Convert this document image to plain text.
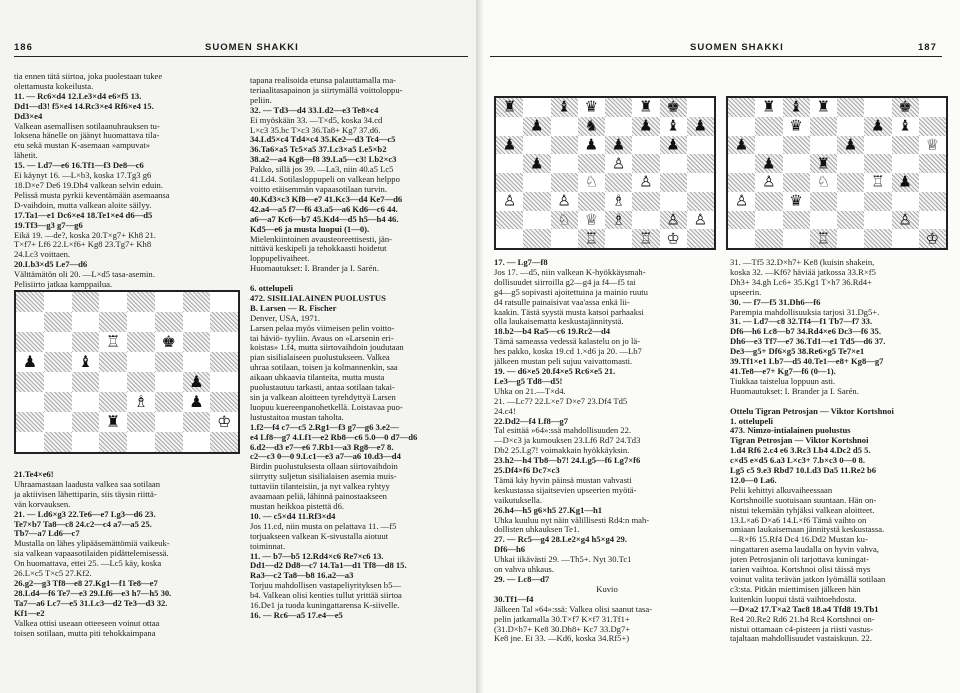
186	SUOMEN SHAKKI

tia ennen tätä siirtoa, joka puolestaan tukee

olettamusta kokeilusta.

11. — Rc6×d4 12.Le3×d4 e6×f5 13.

Dd1—d3! f5×e4 14.Rc3×e4 Rf6×e4 15.

Dd3×e4

Valkean asemallisen sotilaanuhrauksen tu-

loksena hänelle on jäänyt huomattava tila-

etu sekä mustan K-asemaan »ampuvat»

lähetit.

15. — Ld7—e6 16.Tf1—f3 De8—c6

Ei käynyt 16. —L×b3, koska 17.Tg3 g6

18.D×e7 De6 19.Dh4 valkean selvin eduin.

Pelissä musta pyrkii keventämään asemaansa

D-vaihdoin, mutta valkean aloite säilyy.

17.Ta1—e1 Dc6×e4 18.Te1×e4 d6—d5

19.Tf3—g3 g7—g6

Eikä 19. —de?, koska 20.T×g7+ Kh8 21.

T×f7+ Lf6 22.L×f6+ Kg8 23.Tg7+ Kh8

24.Lc3 voittaen.

20.Lb3×d5 Le7—d6

Välttämätön oli 20. —L×d5 tasa-asemin.

Pelisiirto jatkaa kamppailua.

♖	♚
♟	♝
♟
♗	♟
♜	♔

21.Te4×e6!

Uhraamastaan laadusta valkea saa sotilaan

ja aktiivisen lähettiparin, siis täysin riittä-

vän korvauksen.

21. — Ld6×g3 22.Te6—e7 Lg3—d6 23.

Te7×b7 Ta8—c8 24.c2—c4 a7—a5 25.

Tb7—a7 Ld6—c7

Mustalla on lähes ylipääsemättömiä vaikeuk-

sia valkean vapaasotilaiden pidättelemisessä.

On huomattava, ettei 25. —Lc5 käy, koska

26.L×c5 T×c5 27.Kf2.

26.g2—g3 Tf8—e8 27.Kg1—f1 Te8—e7

28.Ld4—f6 Te7—e3 29.Lf6—e3 h7—h5 30.

Ta7—a6 Lc7—e5 31.Lc3—d2 Te3—d3 32.

Kf1—e2

Valkea ottisi useaan otteeseen voinut ottaa

toisen sotilaan, mutta piti tehokkaimpana

tapana realisoida etunsa palauttamalla ma-

teriaalitasapainon ja siirtymällä voittoloppu-

peliin.

32. — Td3—d4 33.Ld2—e3 Te8×c4

Ei myöskään 33. —T×d5, koska 34.cd

L×c3 35.bc T×c3 36.Ta8+ Kg7 37.d6.

34.Ld5×c4 Td4×c4 35.Ke2—d3 Tc4—c5

36.Ta6×a5 Tc5×a5 37.Lc3×a5 Le5×b2

38.a2—a4 Kg8—f8 39.La5—c3! Lb2×c3

Pakko, sillä jos 39. —La3, niin 40.a5 Lc5

41.Ld4. Sotilasloppupeli on valkean helppo

voitto etäisemmän vapaasotilaan turvin.

40.Kd3×c3 Kf8—e7 41.Kc3—d4 Ke7—d6

42.a4—a5 f7—f6 43.a5—a6 Kd6—c6 44.

a6—a7 Kc6—b7 45.Kd4—d5 h5—h4 46.

Kd5—e6 ja musta luopui (1—0).

Mielenkiintoinen avausteoreettisesti, jän-

nittävä keskipeli ja tehokkaasti hoidetut

loppupelivaiheet.

Huomautukset: I. Brander ja I. Sarén.

6. ottelupeli

472. SISILIALAINEN PUOLUSTUS

B. Larsen — R. Fischer

Denver, USA, 1971.

Larsen pelaa myös viimeisen pelin voitto-

tai häviö- tyyliin. Avaus on »Larsenin eri-

koistas» 1.f4, mutta siirtovaihdoin joudutaan

pian sisilialaiseen puolustukseen. Valkea

uhraa sotilaan, toisen ja kolmannenkin, saa

aikaan uhkaavia tilanteita, mutta musta

puolustautuu tarkasti, antaa sotilaan takai-

sin ja valkean aloitteen tyrehdyttyä Larsen

luopuu kuereenpanohetkellä. Loistavaa puo-

lustustaitoa mustan taholta.

1.f2—f4 c7—c5 2.Rg1—f3 g7—g6 3.e2—

e4 Lf8—g7 4.Lf1—e2 Rb8—c6 5.0—0 d7—d6

6.d2—d3 e7—e6 7.Rb1—a3 Rg8—e7 8.

c2—c3 0—0 9.Lc1—e3 a7—a6 10.d3—d4

Birdin puolustuksesta ollaan siirtovaihdoin

siirrytty suljetun sisilialaisen asemia muis-

tuttaviin tilanteisiin, ja nyt valkea ryhtyy

avaamaan peliä, lähinnä painostaakseen

mustan heikkoa pistettä d6.

10. — c5×d4 11.Rf3×d4

Jos 11.cd, niin musta on pelattava 11. —f5

torjuakseen valkean K-sivustalla aiotuut

toiminnat.

11. — b7—b5 12.Rd4×c6 Re7×c6 13.

Dd1—d2 Dd8—c7 14.Ta1—d1 Tf8—d8 15.

Ra3—c2 Ta8—b8 16.a2—a3

Torjuu mahdollisen vastapeliyrityksen b5—

b4. Valkean olisi kenties tullut yrittää siirtoa

16.De1 ja tuoda kuningattarensa K-siivelle.

16. — Rc6—a5 17.e4—e5

SUOMEN SHAKKI	187
♜	♝ ♛	♜ ♚
♟	♞	♟ ♝ ♟
♟	♟ ♟	♟
♟	♙
♘	♙
♙	♙	♗
♘ ♕ ♗	♙ ♙
♖	♖ ♔
♜ ♝ ♜	♚
♛	♟ ♝
♟	♟	♕
♟	♜
♙	♘	♖ ♟
♙	♛
♙
♖	♔

17. — Lg7—f8

Jos 17. —d5, niin valkean K-hyökkäysmah-

dollisuudet siirroilla g2—g4 ja f4—f5 tai

g4—g5 sopivasti ajoitettuina ja mainio ruutu

d4 ratsulle painaisivat vaa'assa enkä lii-

kaakin. Tästä syystä musta katsoi parhaaksi

olla laukaisematta keskustajännitystä.

18.b2—b4 Ra5—c6 19.Rc2—d4

Tämä sameassa vedessä kalastelu on jo lä-

hes pakko, koska 19.cd 1.×d6 ja 20. —Lb7

jälkeen mustan peli sujuu vaivattomasti.

19. — d6×e5 20.f4×e5 Rc6×e5 21.

Le3—g5 Td8—d5!

Uhka on 21.—T×d4.

21. —Lc7? 22.L×e7 D×e7 23.Df4 Td5

24.c4!

22.Dd2—f4 Lf8—g7

Tal esittää »64»:ssä mahdollisuuden 22.

—D×c3 ja kumouksen 23.Lf6 Rd7 24.Td3

Db2 25.Lg7! voimakkain hyökkäyksin.

23.h2—h4 Tb8—b7! 24.Lg5—f6 Lg7×f6

25.Df4×f6 Dc7×c3

Tämä käy hyvin päinsä mustan vahvasti

keskustassa sijaitsevien upseerien myötä-

vaikutuksella.

26.h4—h5 g6×h5 27.Kg1—h1

Uhka kuuluu nyt näin välillisesti Rd4:n mah-

dollisten uhkauksen Te1.

27. — Rc5—g4 28.Le2×g4 h5×g4 29.

Df6—h6

Uhkai iikävästi 29. —Th5+. Nyt 30.Tc1

on vahva uhkaus.

29. — Lc8—d7

Kuvio

30.Tf1—f4

Jälkeen Tal »64»:ssä: Valkea olisi saanut tasa-

pelin jatkamalla 30.T×f7 K×f7 31.Tf1+

(31.D×h7+ Ke8 30.Dh8+ Kc7 33.Dg7+

Ke8 jne. Ei 33. —Kd6, koska 34.Rf5+)

31. —Tf5 32.D×h7+ Ke8 (kuisin shakein,

koska 32. —Kf6? häviää jatkossa 33.R×f5

Dh3+ 34.gh Lc6+ 35.Kg1 T×h7 36.Rd4+

upseerin.

30. — f7—f5 31.Dh6—f6

Parempia mahdollisuuksia tarjosi 31.Dg5+.

31. — Ld7—c8 32.Tf4—f1 Tb7—f7 33.

Df6—h6 Lc8—b7 34.Rd4×e6 Dc3—f6 35.

Dh6—e3 Tf7—e7 36.Td1—e1 Td5—d6 37.

De3—g5+ Df6×g5 38.Re6×g5 Te7×e1

39.Tf1×e1 Lb7—d5 40.Te1—e8+ Kg8—g7

41.Te8—e7+ Kg7—f6 (0—1).

Tiukkaa taistelua loppuun asti.

Huomautukset: I. Brander ja I. Sarén.

Ottelu Tigran Petrosjan — Viktor Kortshnoi

1. ottelupeli

473. Nimzo-intialainen puolustus

Tigran Petrosjan — Viktor Kortshnoi

1.d4 Rf6 2.c4 e6 3.Rc3 Lb4 4.Dc2 d5 5.

c×d5 e×d5 6.a3 L×c3+ 7.b×c3 0—0 8.

Lg5 c5 9.e3 Rbd7 10.Ld3 Da5 11.Re2 b6

12.0—0 La6.

Pelii kehittyi alkuvaiheessaan

Kortshnoille suotuisaan suuntaan. Hän on-

nistui tekemään tyhjäksi valkean aloitteet.

13.L×a6 D×a6 14.L×f6 Tämä vaihto on

omiaan laukaisemaan jännitystä keskustassa.

—R×f6 15.Rf4 Dc4 16.Dd2 Mustan ku-

ningattaren asema laudalla on hyvin vahva,

joten Petrosjanin oli tarjottava kuningat-

tarien vaihtoa. Kortshnoi olisi täissä mys

voinut valita terävän jatkon lyömällä sotilaan

c3:sta. Pitkän miettimisen jälkeen hän

kuitenkin luopui tästä vaihtoehdosta.

—D×a2 17.T×a2 Tac8 18.a4 Tfd8 19.Tb1

Re4 20.Re2 Rd6 21.h4 Rc4 Kortshnoi on-

nistui ottamaan c4-pisteen ja riisti vastus-

tajaltaan mahdollisuudet vastaiskuun. 22.
